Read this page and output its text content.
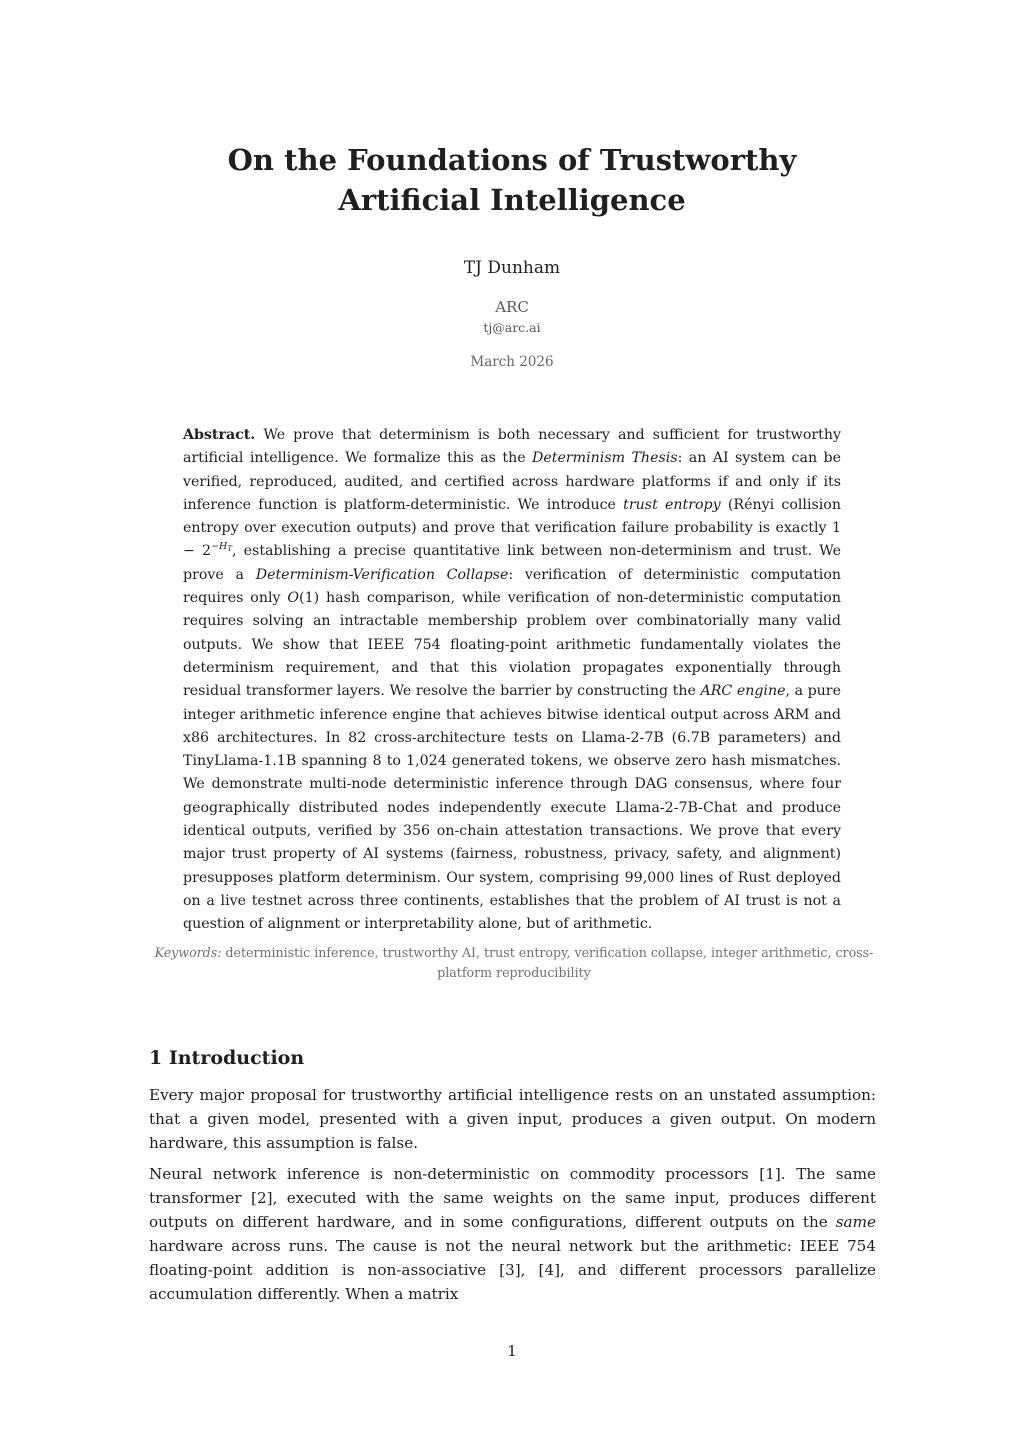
On the Foundations of Trustworthy
Artificial Intelligence
TJ Dunham
ARC
tj@arc.ai
March 2026
Abstract. We prove that determinism is both necessary and sufficient for trustworthy artificial intelligence. We formalize this as the Determinism Thesis: an AI system can be verified, reproduced, audited, and certified across hardware platforms if and only if its inference function is platform-deterministic. We introduce trust entropy (Rényi collision entropy over execution outputs) and prove that verification failure probability is exactly $1 - 2^{-H_T}$, establishing a precise quantitative link between non-determinism and trust. We prove a Determinism-Verification Collapse: verification of deterministic computation requires only O(1) hash comparison, while verification of non-deterministic computation requires solving an intractable membership problem over combinatorially many valid outputs. We show that IEEE 754 floating-point arithmetic fundamentally violates the determinism requirement, and that this violation propagates exponentially through residual transformer layers. We resolve the barrier by constructing the ARC engine, a pure integer arithmetic inference engine that achieves bitwise identical output across ARM and x86 architectures. In 82 cross-architecture tests on Llama-2-7B (6.7B parameters) and TinyLlama-1.1B spanning 8 to 1,024 generated tokens, we observe zero hash mismatches. We demonstrate multi-node deterministic inference through DAG consensus, where four geographically distributed nodes independently execute Llama-2-7B-Chat and produce identical outputs, verified by 356 on-chain attestation transactions. We prove that every major trust property of AI systems (fairness, robustness, privacy, safety, and alignment) presupposes platform determinism. Our system, comprising 99,000 lines of Rust deployed on a live testnet across three continents, establishes that the problem of AI trust is not a question of alignment or interpretability alone, but of arithmetic.
Keywords: deterministic inference, trustworthy AI, trust entropy, verification collapse, integer arithmetic, cross-platform reproducibility
1 Introduction

Every major proposal for trustworthy artificial intelligence rests on an unstated assumption: that a given model, presented with a given input, produces a given output. On modern hardware, this assumption is false.

Neural network inference is non-deterministic on commodity processors [1]. The same transformer [2], executed with the same weights on the same input, produces different outputs on different hardware, and in some configurations, different outputs on the same hardware across runs. The cause is not the neural network but the arithmetic: IEEE 754 floating-point addition is non-associative [3], [4], and different processors parallelize accumulation differently. When a matrix

1
